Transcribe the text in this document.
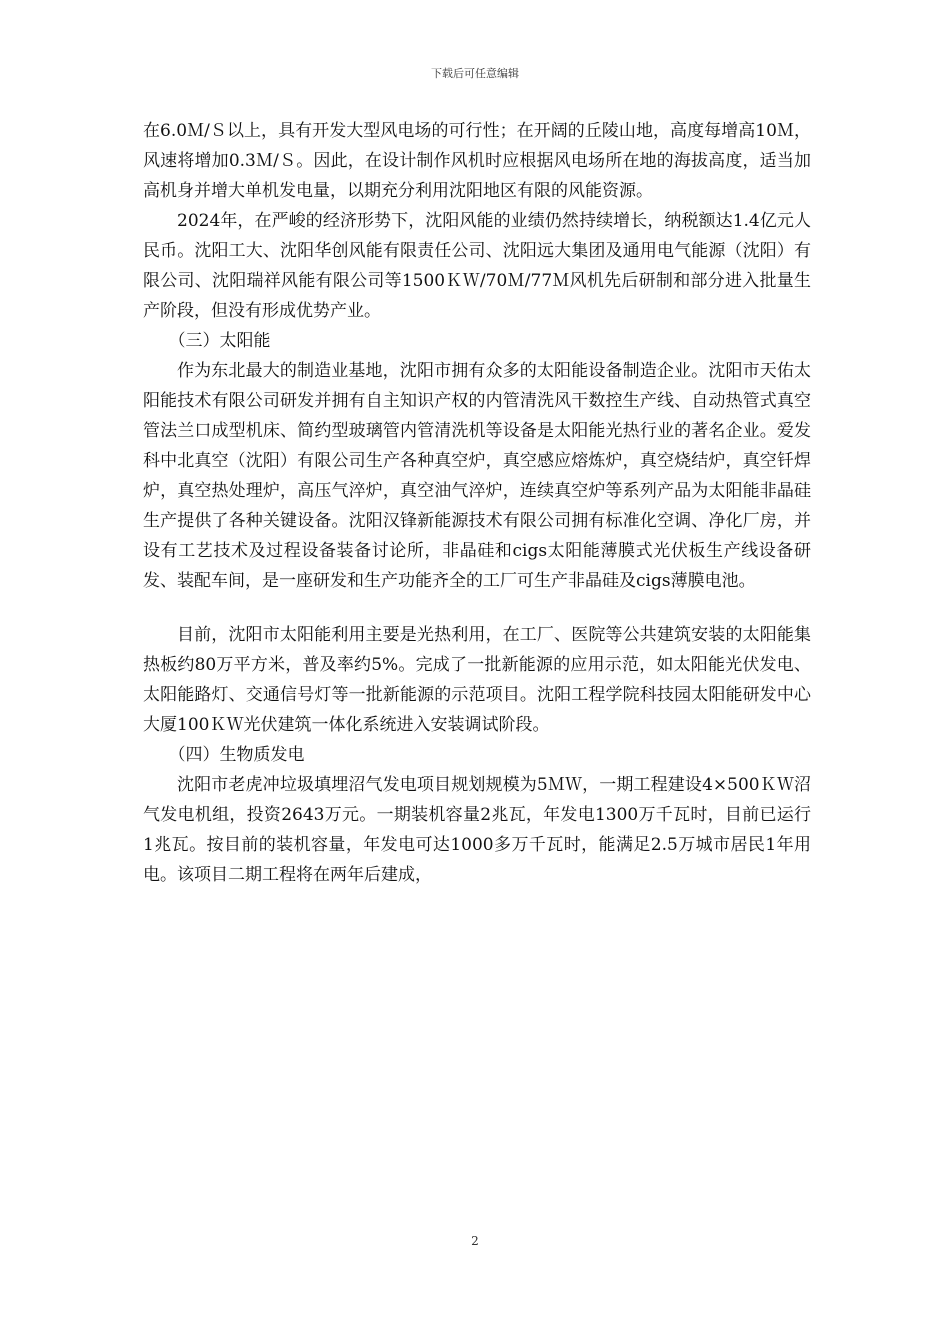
下载后可任意编辑

在6.0Ｍ/Ｓ以上，具有开发大型风电场的可行性；在开阔的丘陵山地，高度每增高10Ｍ，风速将增加0.3Ｍ/Ｓ。因此，在设计制作风机时应根据风电场所在地的海拔高度，适当加高机身并增大单机发电量，以期充分利用沈阳地区有限的风能资源。

2024年，在严峻的经济形势下，沈阳风能的业绩仍然持续增长，纳税额达1.4亿元人民币。沈阳工大、沈阳华创风能有限责任公司、沈阳远大集团及通用电气能源（沈阳）有限公司、沈阳瑞祥风能有限公司等1500ＫＷ/70Ｍ/77Ｍ风机先后研制和部分进入批量生产阶段，但没有形成优势产业。

（三）太阳能

作为东北最大的制造业基地，沈阳市拥有众多的太阳能设备制造企业。沈阳市天佑太阳能技术有限公司研发并拥有自主知识产权的内管清洗风干数控生产线、自动热管式真空管法兰口成型机床、简约型玻璃管内管清洗机等设备是太阳能光热行业的著名企业。爱发科中北真空（沈阳）有限公司生产各种真空炉，真空感应熔炼炉，真空烧结炉，真空钎焊炉，真空热处理炉，高压气淬炉，真空油气淬炉，连续真空炉等系列产品为太阳能非晶硅生产提供了各种关键设备。沈阳汉锋新能源技术有限公司拥有标准化空调、净化厂房，并设有工艺技术及过程设备装备讨论所，非晶硅和cigs太阳能薄膜式光伏板生产线设备研发、装配车间，是一座研发和生产功能齐全的工厂可生产非晶硅及cigs薄膜电池。

目前，沈阳市太阳能利用主要是光热利用，在工厂、医院等公共建筑安装的太阳能集热板约80万平方米，普及率约5%。完成了一批新能源的应用示范，如太阳能光伏发电、太阳能路灯、交通信号灯等一批新能源的示范项目。沈阳工程学院科技园太阳能研发中心大厦100ＫＷ光伏建筑一体化系统进入安装调试阶段。

（四）生物质发电

沈阳市老虎冲垃圾填埋沼气发电项目规划规模为5ＭＷ，一期工程建设4×500ＫＷ沼气发电机组，投资2643万元。一期装机容量2兆瓦，年发电1300万千瓦时，目前已运行1兆瓦。按目前的装机容量，年发电可达1000多万千瓦时，能满足2.5万城市居民1年用电。该项目二期工程将在两年后建成，

2
